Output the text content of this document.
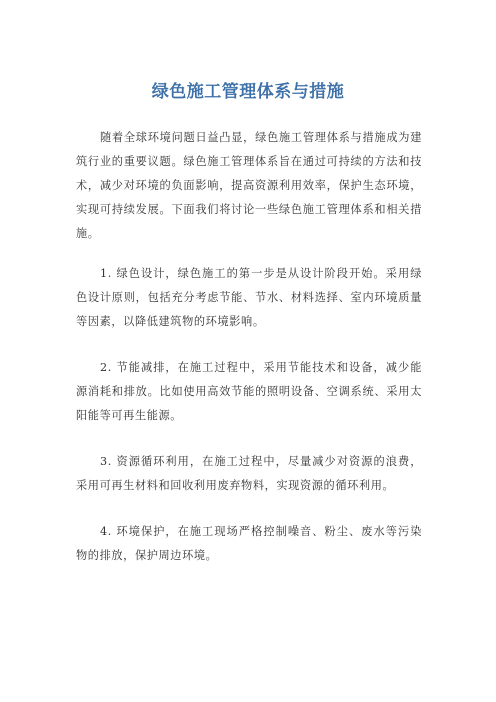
绿色施工管理体系与措施

随着全球环境问题日益凸显，绿色施工管理体系与措施成为建筑行业的重要议题。绿色施工管理体系旨在通过可持续的方法和技术，减少对环境的负面影响，提高资源利用效率，保护生态环境，实现可持续发展。下面我们将讨论一些绿色施工管理体系和相关措施。

1. 绿色设计，绿色施工的第一步是从设计阶段开始。采用绿色设计原则，包括充分考虑节能、节水、材料选择、室内环境质量等因素，以降低建筑物的环境影响。

2. 节能减排，在施工过程中，采用节能技术和设备，减少能源消耗和排放。比如使用高效节能的照明设备、空调系统、采用太阳能等可再生能源。

3. 资源循环利用，在施工过程中，尽量减少对资源的浪费，采用可再生材料和回收利用废弃物料，实现资源的循环利用。

4. 环境保护，在施工现场严格控制噪音、粉尘、废水等污染物的排放，保护周边环境。
